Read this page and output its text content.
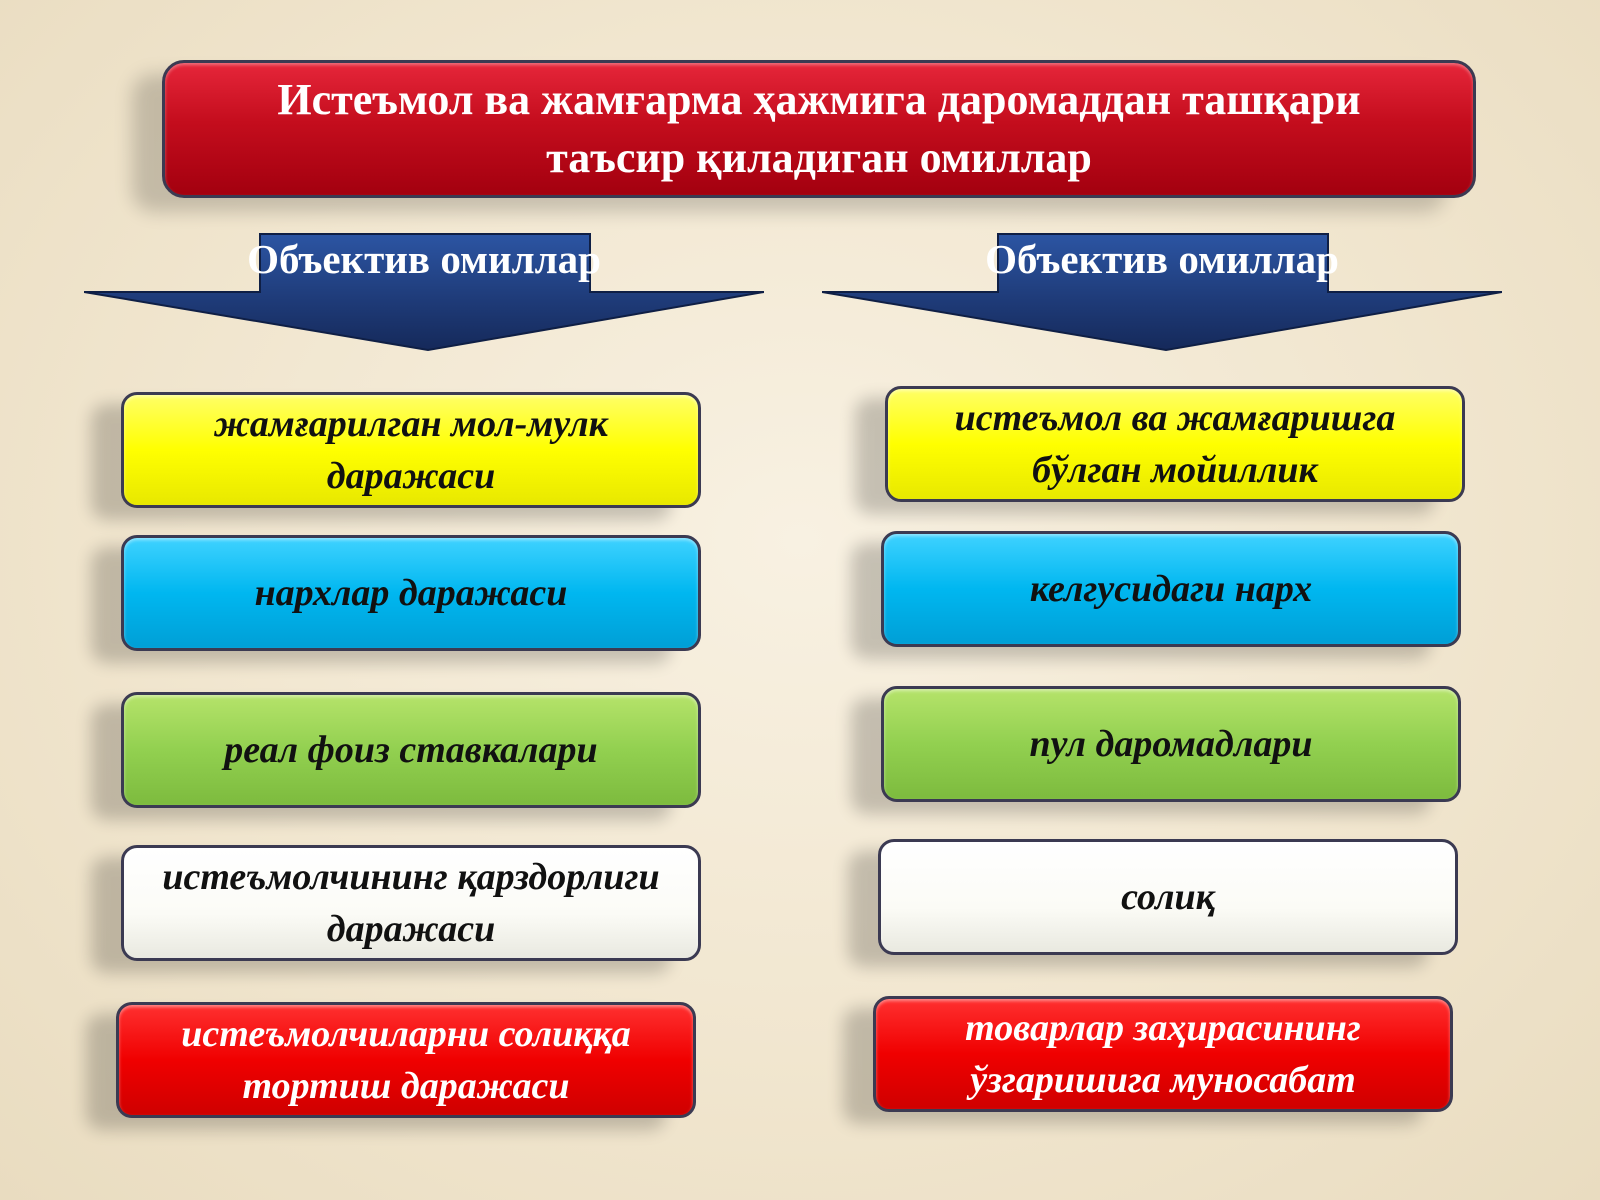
Истеъмол ва жамғарма ҳажмига даромаддан ташқари таъсир қиладиган омиллар
Объектив омиллар	Объектив омиллар
жамғарилган мол-мулк даражаси
нархлар даражаси
реал фоиз ставкалари
истеъмолчининг қарздорлиги даражаси
истеъмолчиларни солиққа тортиш даражаси
истеъмол ва жамғаришга бўлган мойиллик
келгусидаги нарх
пул даромадлари
солиқ
товарлар заҳирасининг ўзгаришига муносабат
